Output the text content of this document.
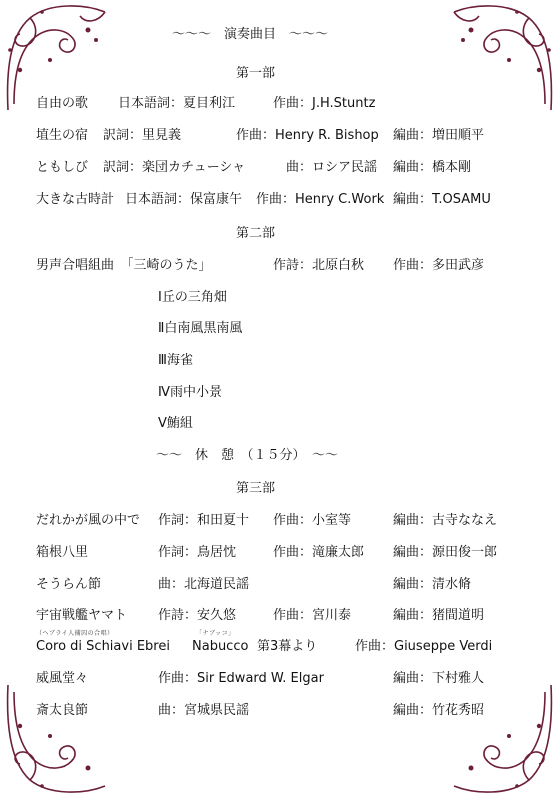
～～～　演奏曲目　～～～
第一部
自由の歌 日本語詞：夏目利江	作曲：J.H.Stuntz
埴生の宿 訳詞：里見義	作曲：Henry R. Bishop 編曲：増田順平
ともしび 訳詞：楽団カチューシャ	曲：ロシア民謡 編曲：橋本剛
大きな古時計 日本語詞：保富康午 作曲：Henry C.Work 編曲：T.OSAMU
第二部
男声合唱組曲　「三崎のうた」	作詩：北原白秋 作曲：多田武彦
Ⅰ丘の三角畑
Ⅱ白南風黒南風
Ⅲ海雀
Ⅳ雨中小景
Ⅴ鮪組
～～　休　憩　（１５分）　～～
第三部
だれかが風の中で 作詞：和田夏十 作曲：小室等	編曲：古寺ななえ
箱根八里	作詞：鳥居忱	作曲：滝廉太郎 編曲：源田俊一郎
そうらん節	曲：北海道民謡	編曲：清水脩
宇宙戦艦ヤマト 作詩：安久悠	作曲：宮川泰	編曲：猪間道明
（ヘブライ人捕囚の合唱）	「ナブッコ」
Coro di Schiavi Ebrei Nabucco 第3幕より	作曲：Giuseppe Verdi
威風堂々	作曲：Sir Edward W. Elgar	編曲：下村雅人
斎太良節	曲：宮城県民謡	編曲：竹花秀昭
